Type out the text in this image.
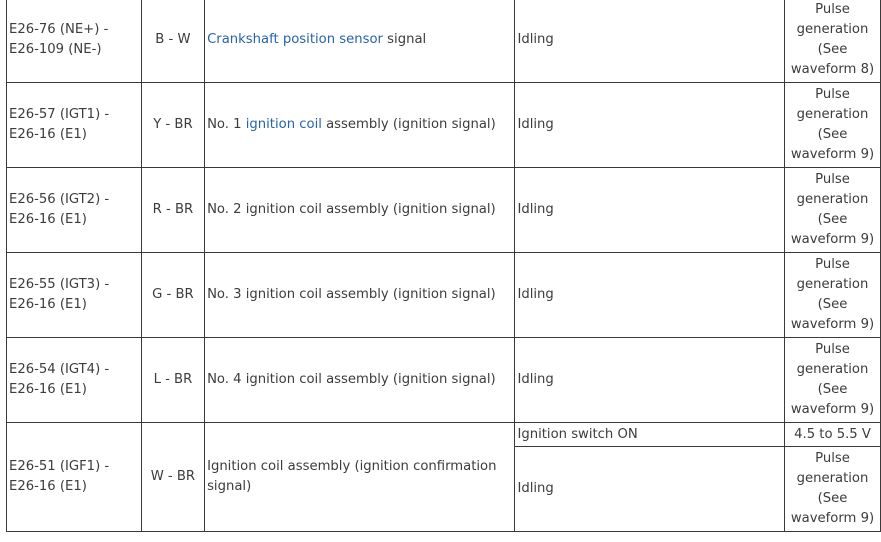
E26-76 (NE+) - E26-109 (NE-)	B - W	Crankshaft position sensor signal	Idling	Pulse generation (See waveform 8)
E26-57 (IGT1) - E26-16 (E1)	Y - BR	No. 1 ignition coil assembly (ignition signal)	Idling	Pulse generation (See waveform 9)
E26-56 (IGT2) - E26-16 (E1)	R - BR	No. 2 ignition coil assembly (ignition signal)	Idling	Pulse generation (See waveform 9)
E26-55 (IGT3) - E26-16 (E1)	G - BR	No. 3 ignition coil assembly (ignition signal)	Idling	Pulse generation (See waveform 9)
E26-54 (IGT4) - E26-16 (E1)	L - BR	No. 4 ignition coil assembly (ignition signal)	Idling	Pulse generation (See waveform 9)
E26-51 (IGF1) - E26-16 (E1)	W - BR	Ignition coil assembly (ignition confirmation signal)	Ignition switch ON	4.5 to 5.5 V
			Idling	Pulse generation (See waveform 9)
